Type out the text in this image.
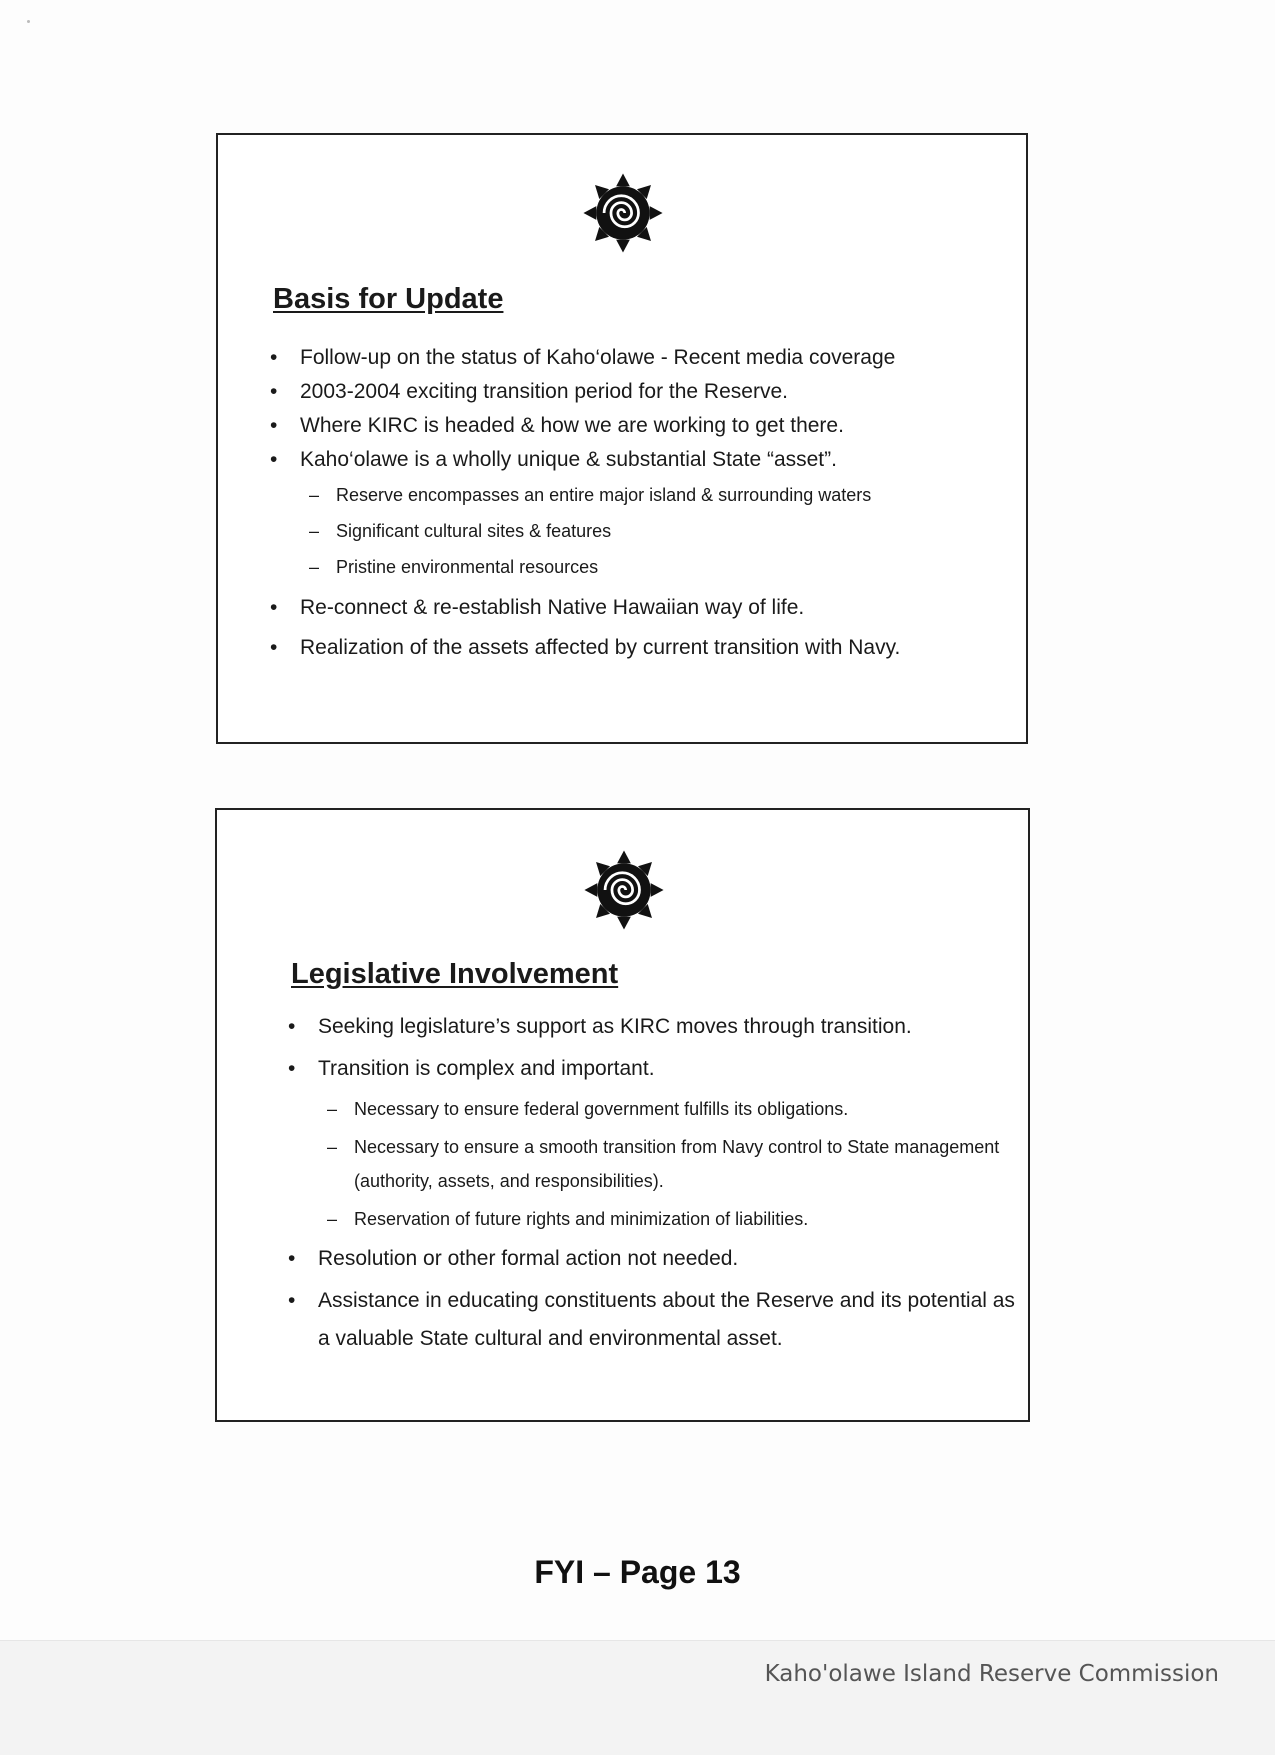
Basis for Update
• Follow-up on the status of Kaho‘olawe - Recent media coverage
• 2003-2004 exciting transition period for the Reserve.
• Where KIRC is headed & how we are working to get there.
• Kaho‘olawe is a wholly unique & substantial State “asset”.
– Reserve encompasses an entire major island & surrounding waters
– Significant cultural sites & features
– Pristine environmental resources
• Re-connect & re-establish Native Hawaiian way of life.
• Realization of the assets affected by current transition with Navy.
Legislative Involvement
• Seeking legislature’s support as KIRC moves through transition.
• Transition is complex and important.
– Necessary to ensure federal government fulfills its obligations.
– Necessary to ensure a smooth transition from Navy control to State management (authority, assets, and responsibilities).
– Reservation of future rights and minimization of liabilities.
• Resolution or other formal action not needed.
• Assistance in educating constituents about the Reserve and its potential as a valuable State cultural and environmental asset.
FYI – Page 13
Kaho'olawe Island Reserve Commission
